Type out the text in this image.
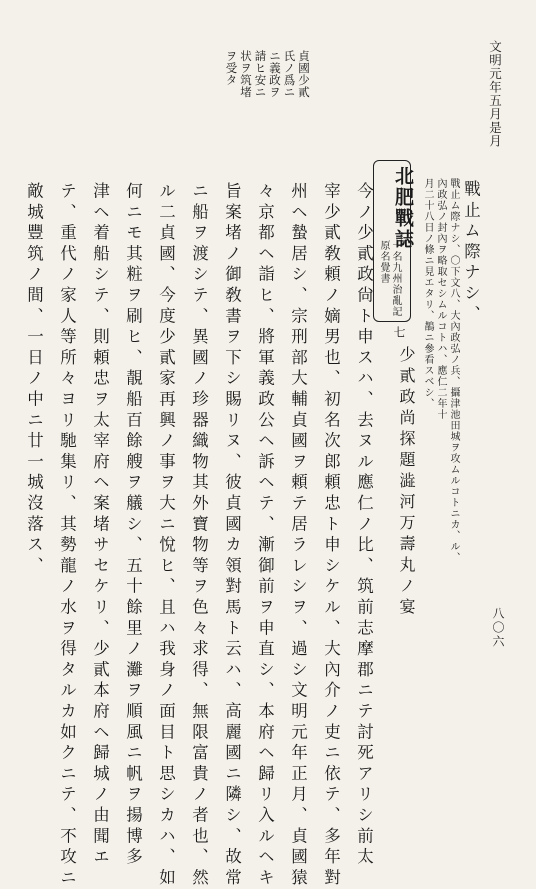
文明元年五月是月
八〇六
貞國少貳
氏ノ爲ニ
ニ義政ヲ
請ヒ安ニ
状ヲ筑堵
ヲ受タ
戰止ム際ナシ、
戰止ム際ナシ、〇下文八、大內政弘ノ兵、攝津池田城ヲ攻ムルコトニカ、ル、
內政弘ノ封內ヲ略取セシムルコトハ、應仁二年十
月二十八日ノ條ニ見エタリ、鵲ニ參看スベシ、
北肥戰誌
一名九州治亂記
原名覺書
七
少貳政尚探題澁河万壽丸ノ宴
今ノ少貳政尙ト申スハ、去ヌル應仁ノ比、筑前志摩郡ニテ討死アリシ前太
宰少貳敎頼ノ嫡男也、初名次郎頼忠ト申シケル、大內介ノ吏ニ依テ、多年對
州ヘ蟄居シ、宗刑部大輔貞國ヲ頼テ居ラレシヲ、過シ文明元年正月、貞國猿
々京都ヘ詣ヒ、將軍義政公ヘ訴ヘテ、漸御前ヲ申直シ、本府ヘ歸リ入ルヘキ
旨案堵ノ御敎書ヲ下シ賜リヌ、彼貞國カ領對馬ト云ハ、高麗國ニ隣シ、故常
ニ船ヲ渡シテ、異國ノ珍器織物其外寶物等ヲ色々求得、無限富貴ノ者也、然
ル二貞國、今度少貳家再興ノ事ヲ大ニ悅ヒ、且ハ我身ノ面目ト思シカハ、如
何ニモ其粧ヲ刷ヒ、靚船百餘艘ヲ艤シ、五十餘里ノ灘ヲ順風ニ帆ヲ揚博多
津ヘ着船シテ、則頼忠ヲ太宰府ヘ案堵サセケリ、少貳本府ヘ歸城ノ由聞エ
テ、重代ノ家人等所々ヨリ馳集リ、其勢龍ノ水ヲ得タルカ如クニテ、不攻ニ
敵城豐筑ノ間、一日ノ中ニ廿一城沒落ス、
